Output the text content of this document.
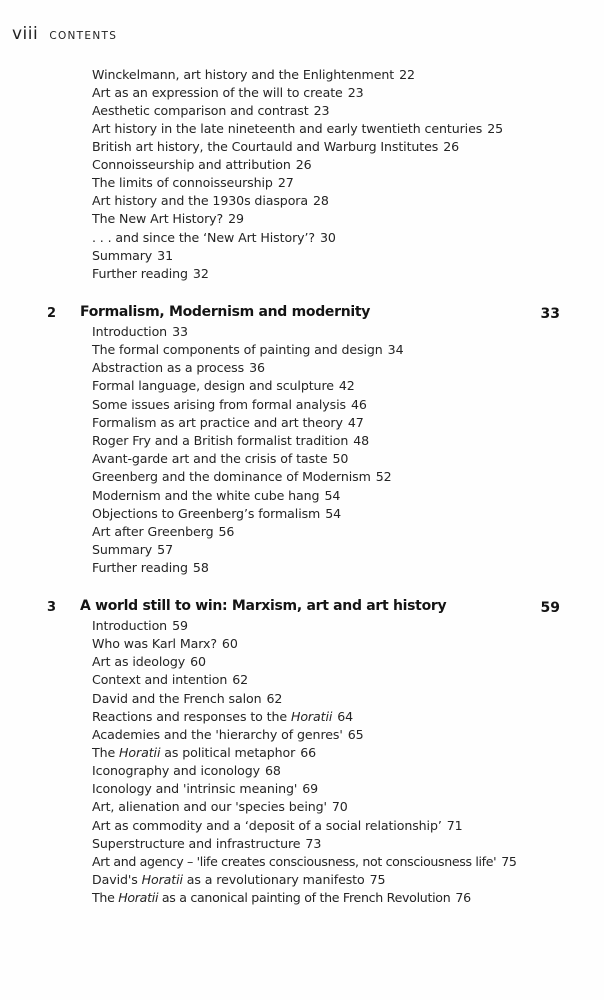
viii CONTENTS
Winckelmann, art history and the Enlightenment 22
Art as an expression of the will to create 23
Aesthetic comparison and contrast 23
Art history in the late nineteenth and early twentieth centuries 25
British art history, the Courtauld and Warburg Institutes 26
Connoisseurship and attribution 26
The limits of connoisseurship 27
Art history and the 1930s diaspora 28
The New Art History? 29
. . . and since the ‘New Art History’? 30
Summary 31
Further reading 32
2 Formalism, Modernism and modernity	33
Introduction 33
The formal components of painting and design 34
Abstraction as a process 36
Formal language, design and sculpture 42
Some issues arising from formal analysis 46
Formalism as art practice and art theory 47
Roger Fry and a British formalist tradition 48
Avant-garde art and the crisis of taste 50
Greenberg and the dominance of Modernism 52
Modernism and the white cube hang 54
Objections to Greenberg’s formalism 54
Art after Greenberg 56
Summary 57
Further reading 58
3 A world still to win: Marxism, art and art history	59
Introduction 59
Who was Karl Marx? 60
Art as ideology 60
Context and intention 62
David and the French salon 62
Reactions and responses to the Horatii 64
Academies and the 'hierarchy of genres' 65
The Horatii as political metaphor 66
Iconography and iconology 68
Iconology and 'intrinsic meaning' 69
Art, alienation and our 'species being' 70
Art as commodity and a ‘deposit of a social relationship’ 71
Superstructure and infrastructure 73
Art and agency – 'life creates consciousness, not consciousness life' 75
David's Horatii as a revolutionary manifesto 75
The Horatii as a canonical painting of the French Revolution 76
